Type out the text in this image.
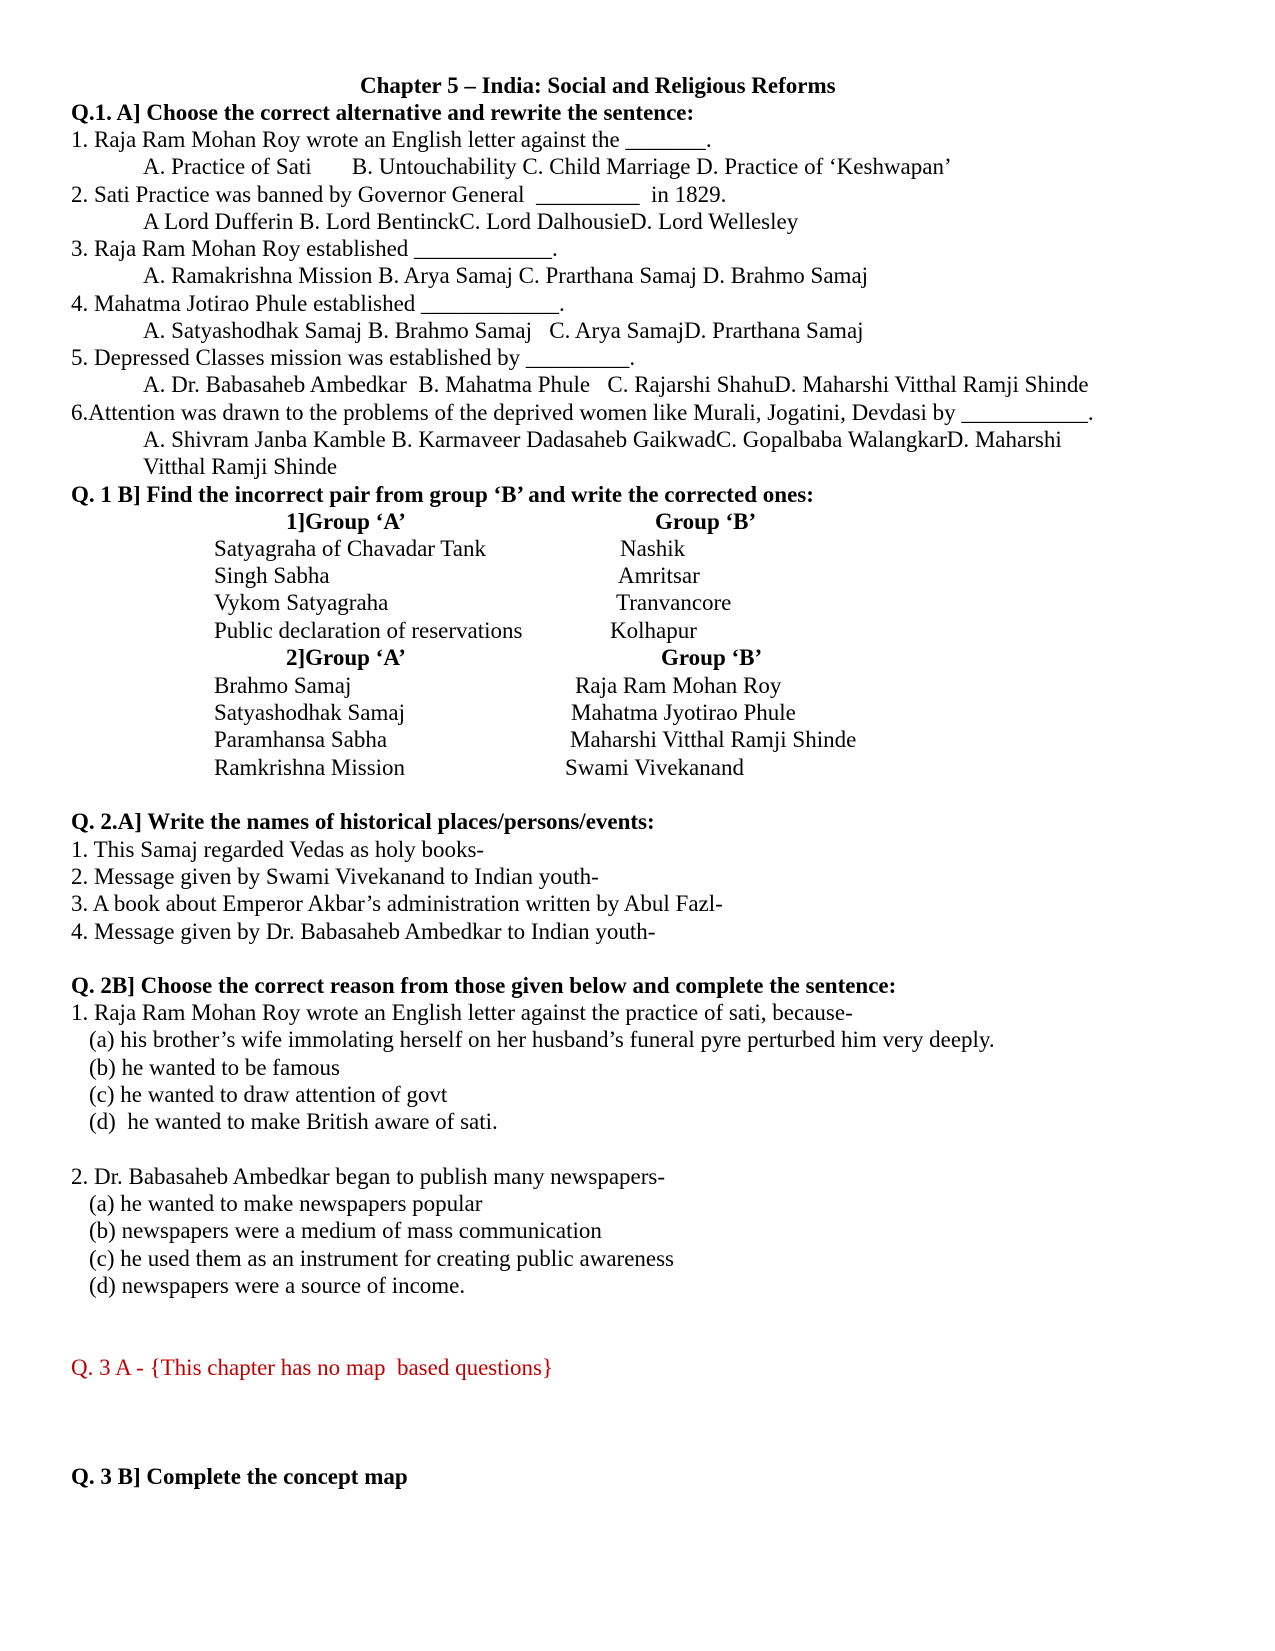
Chapter 5 – India: Social and Religious Reforms
Q.1. A] Choose the correct alternative and rewrite the sentence:
1. Raja Ram Mohan Roy wrote an English letter against the _______.
A. Practice of Sati       B. Untouchability C. Child Marriage D. Practice of ‘Keshwapan’
2. Sati Practice was banned by Governor General  _________  in 1829.
A Lord Dufferin B. Lord BentinckC. Lord DalhousieD. Lord Wellesley
3. Raja Ram Mohan Roy established ____________.
A. Ramakrishna Mission B. Arya Samaj C. Prarthana Samaj D. Brahmo Samaj
4. Mahatma Jotirao Phule established ____________.
A. Satyashodhak Samaj B. Brahmo Samaj   C. Arya SamajD. Prarthana Samaj
5. Depressed Classes mission was established by _________.
A. Dr. Babasaheb Ambedkar  B. Mahatma Phule   C. Rajarshi ShahuD. Maharshi Vitthal Ramji Shinde
6.Attention was drawn to the problems of the deprived women like Murali, Jogatini, Devdasi by ___________.
A. Shivram Janba Kamble B. Karmaveer Dadasaheb GaikwadC. Gopalbaba WalangkarD. Maharshi
Vitthal Ramji Shinde
Q. 1 B] Find the incorrect pair from group ‘B’ and write the corrected ones:
1]Group ‘A’	Group ‘B’
Satyagraha of Chavadar Tank	Nashik
Singh Sabha	Amritsar
Vykom Satyagraha	Tranvancore
Public declaration of reservations	Kolhapur
2]Group ‘A’	Group ‘B’
Brahmo Samaj	Raja Ram Mohan Roy
Satyashodhak Samaj	Mahatma Jyotirao Phule
Paramhansa Sabha	Maharshi Vitthal Ramji Shinde
Ramkrishna Mission	Swami Vivekanand
Q. 2.A] Write the names of historical places/persons/events:
1. This Samaj regarded Vedas as holy books-
2. Message given by Swami Vivekanand to Indian youth-
3. A book about Emperor Akbar’s administration written by Abul Fazl-
4. Message given by Dr. Babasaheb Ambedkar to Indian youth-
Q. 2B] Choose the correct reason from those given below and complete the sentence:
1. Raja Ram Mohan Roy wrote an English letter against the practice of sati, because-
(a) his brother’s wife immolating herself on her husband’s funeral pyre perturbed him very deeply.
(b) he wanted to be famous
(c) he wanted to draw attention of govt
(d)  he wanted to make British aware of sati.
2. Dr. Babasaheb Ambedkar began to publish many newspapers-
(a) he wanted to make newspapers popular
(b) newspapers were a medium of mass communication
(c) he used them as an instrument for creating public awareness
(d) newspapers were a source of income.
Q. 3 A - {This chapter has no map  based questions}
Q. 3 B] Complete the concept map
